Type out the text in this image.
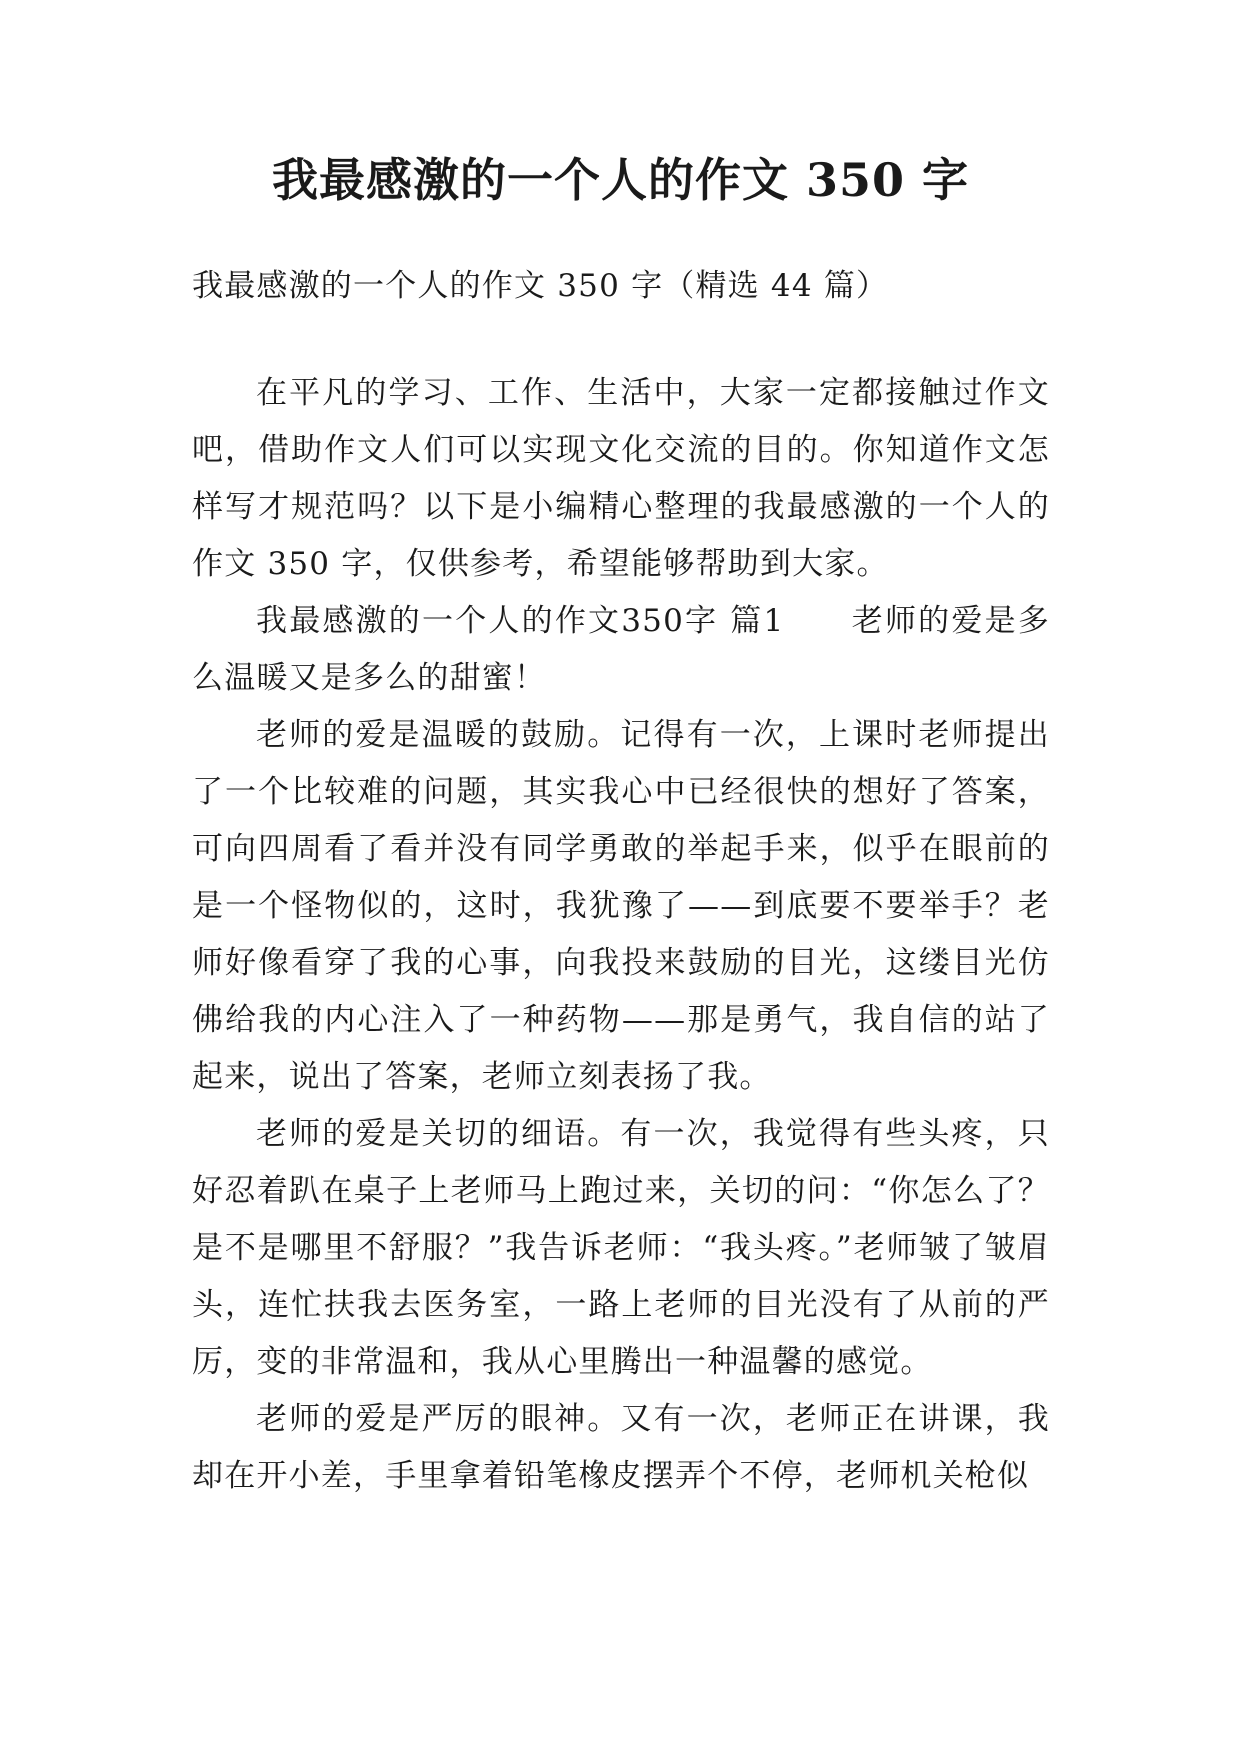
我最感激的一个人的作文 350 字

我最感激的一个人的作文 350 字（精选 44 篇）

在平凡的学习、工作、生活中，大家一定都接触过作文吧，借助作文人们可以实现文化交流的目的。你知道作文怎样写才规范吗？以下是小编精心整理的我最感激的一个人的作文 350 字，仅供参考，希望能够帮助到大家。

我最感激的一个人的作文350字 篇1　　老师的爱是多么温暖又是多么的甜蜜！

老师的爱是温暖的鼓励。记得有一次，上课时老师提出了一个比较难的问题，其实我心中已经很快的想好了答案，可向四周看了看并没有同学勇敢的举起手来，似乎在眼前的是一个怪物似的，这时，我犹豫了——到底要不要举手？老师好像看穿了我的心事，向我投来鼓励的目光，这缕目光仿佛给我的内心注入了一种药物——那是勇气，我自信的站了起来，说出了答案，老师立刻表扬了我。

老师的爱是关切的细语。有一次，我觉得有些头疼，只好忍着趴在桌子上老师马上跑过来，关切的问：“你怎么了？是不是哪里不舒服？”我告诉老师：“我头疼。”老师皱了皱眉头，连忙扶我去医务室，一路上老师的目光没有了从前的严厉，变的非常温和，我从心里腾出一种温馨的感觉。

老师的爱是严厉的眼神。又有一次，老师正在讲课，我却在开小差，手里拿着铅笔橡皮摆弄个不停，老师机关枪似
